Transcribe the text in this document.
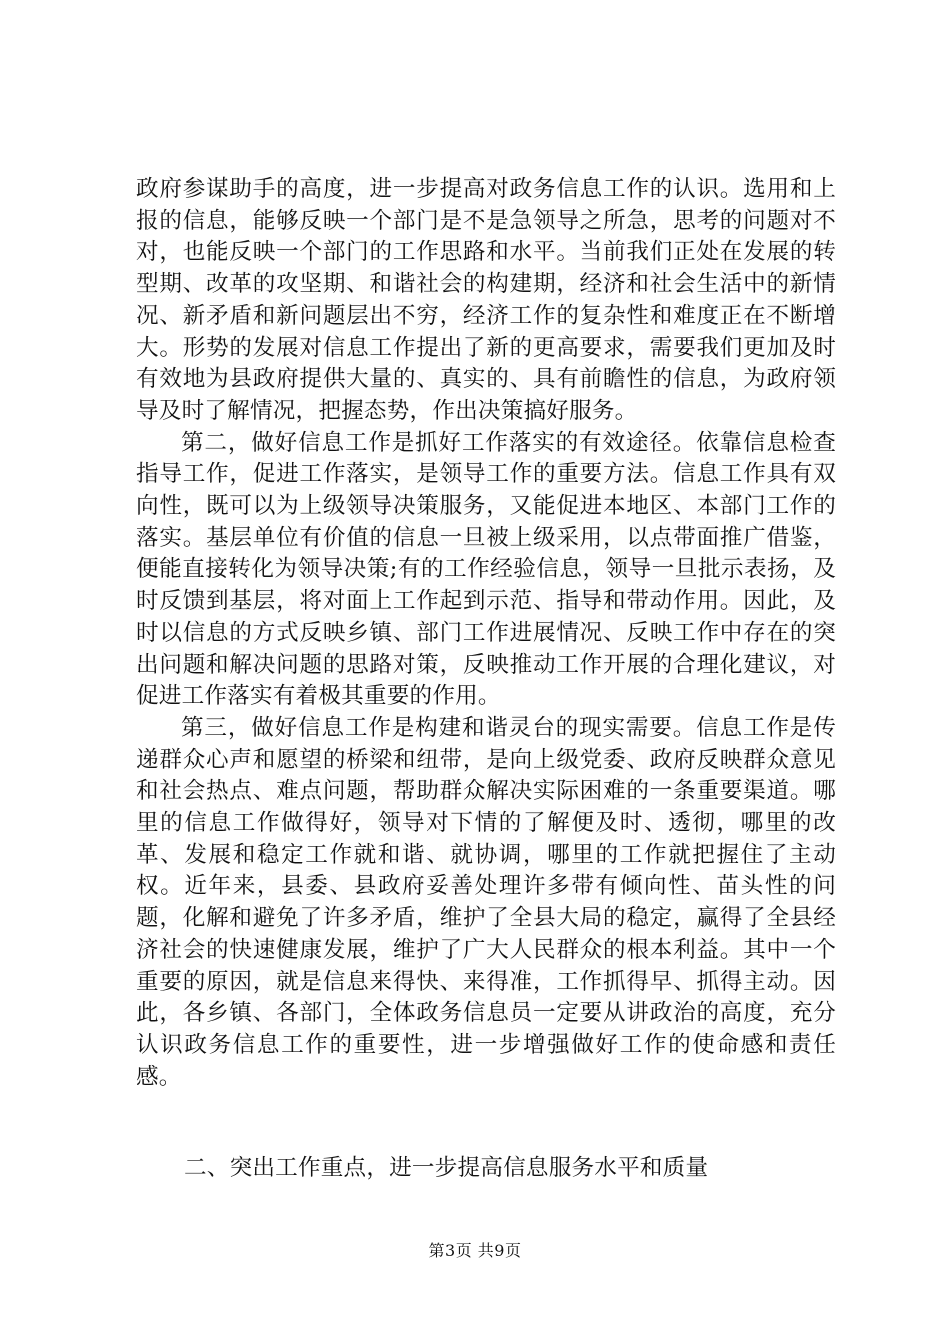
政府参谋助手的高度，进一步提高对政务信息工作的认识。选用和上报的信息，能够反映一个部门是不是急领导之所急，思考的问题对不对，也能反映一个部门的工作思路和水平。当前我们正处在发展的转型期、改革的攻坚期、和谐社会的构建期，经济和社会生活中的新情况、新矛盾和新问题层出不穷，经济工作的复杂性和难度正在不断增大。形势的发展对信息工作提出了新的更高要求，需要我们更加及时有效地为县政府提供大量的、真实的、具有前瞻性的信息，为政府领导及时了解情况，把握态势，作出决策搞好服务。

第二，做好信息工作是抓好工作落实的有效途径。依靠信息检查指导工作，促进工作落实，是领导工作的重要方法。信息工作具有双向性，既可以为上级领导决策服务，又能促进本地区、本部门工作的落实。基层单位有价值的信息一旦被上级采用，以点带面推广借鉴，便能直接转化为领导决策;有的工作经验信息，领导一旦批示表扬，及时反馈到基层，将对面上工作起到示范、指导和带动作用。因此，及时以信息的方式反映乡镇、部门工作进展情况、反映工作中存在的突出问题和解决问题的思路对策，反映推动工作开展的合理化建议，对促进工作落实有着极其重要的作用。

第三，做好信息工作是构建和谐灵台的现实需要。信息工作是传递群众心声和愿望的桥梁和纽带，是向上级党委、政府反映群众意见和社会热点、难点问题，帮助群众解决实际困难的一条重要渠道。哪里的信息工作做得好，领导对下情的了解便及时、透彻，哪里的改革、发展和稳定工作就和谐、就协调，哪里的工作就把握住了主动权。近年来，县委、县政府妥善处理许多带有倾向性、苗头性的问题，化解和避免了许多矛盾，维护了全县大局的稳定，赢得了全县经济社会的快速健康发展，维护了广大人民群众的根本利益。其中一个重要的原因，就是信息来得快、来得准，工作抓得早、抓得主动。因此，各乡镇、各部门，全体政务信息员一定要从讲政治的高度，充分认识政务信息工作的重要性，进一步增强做好工作的使命感和责任感。

二、突出工作重点，进一步提高信息服务水平和质量

第3页 共9页
